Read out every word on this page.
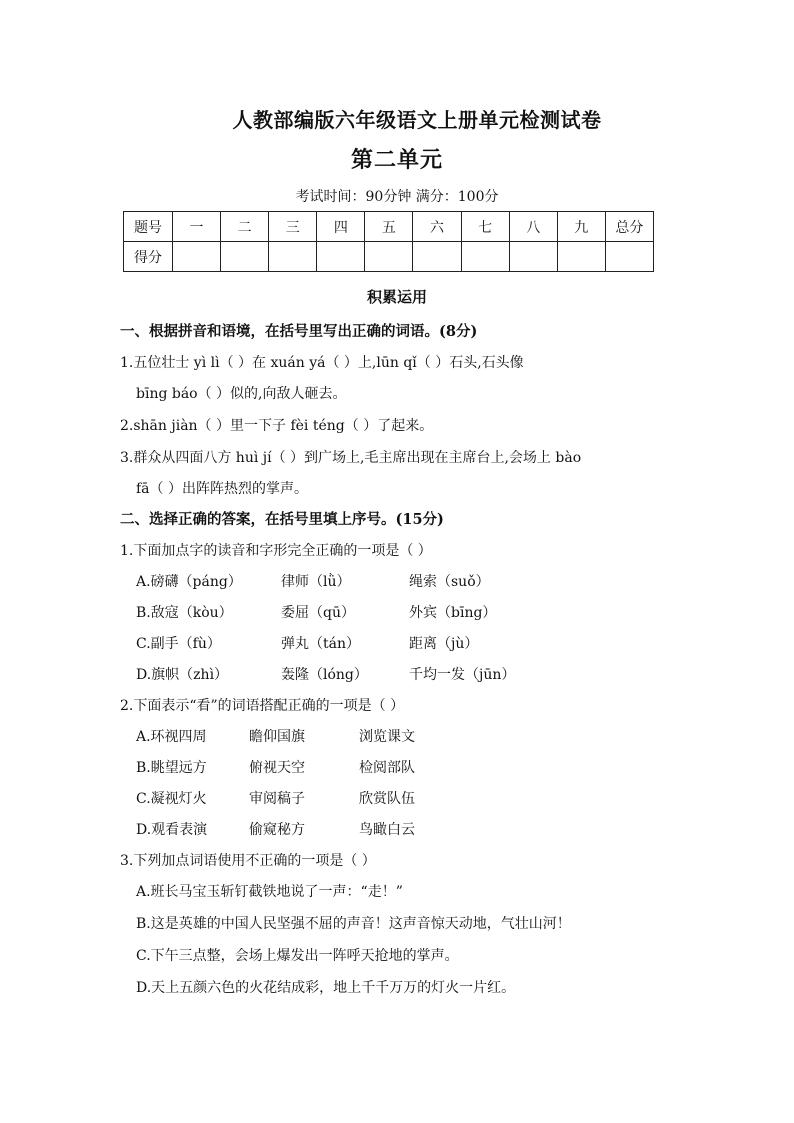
人教部编版六年级语文上册单元检测试卷
第二单元
考试时间：90分钟 满分：100分
题号	一	二	三	四	五	六	七	八	九	总分
得分										
积累运用
一、根据拼音和语境，在括号里写出正确的词语。(8分)
1.五位壮士 yì lì（ ）在 xuán yá（ ）上,lūn qǐ（ ）石头,石头像
bīng báo（ ）似的,向敌人砸去。
2.shān jiàn（ ）里一下子 fèi téng（ ）了起来。
3.群众从四面八方 huì jí（ ）到广场上,毛主席出现在主席台上,会场上 bào
fā（ ）出阵阵热烈的掌声。
二、选择正确的答案，在括号里填上序号。(15分)
1.下面加点字的读音和字形完全正确的一项是（ ）
A.磅礴（páng）	律师（lǜ）	绳索（suǒ）
B.敌寇（kòu）	委屈（qū）	外宾（bīng）
C.副手（fù）	弹丸（tán）	距离（jù）
D.旗帜（zhì）	轰隆（lóng）	千均一发（jūn）
2.下面表示“看”的词语搭配正确的一项是（ ）
A.环视四周	瞻仰国旗	浏览课文
B.眺望远方	俯视天空	检阅部队
C.凝视灯火	审阅稿子	欣赏队伍
D.观看表演	偷窥秘方	鸟瞰白云
3.下列加点词语使用不正确的一项是（ ）
A.班长马宝玉斩钉截铁地说了一声：“走！”
B.这是英雄的中国人民坚强不屈的声音！这声音惊天动地，气壮山河！
C.下午三点整，会场上爆发出一阵呼天抢地的掌声。
D.天上五颜六色的火花结成彩，地上千千万万的灯火一片红。
